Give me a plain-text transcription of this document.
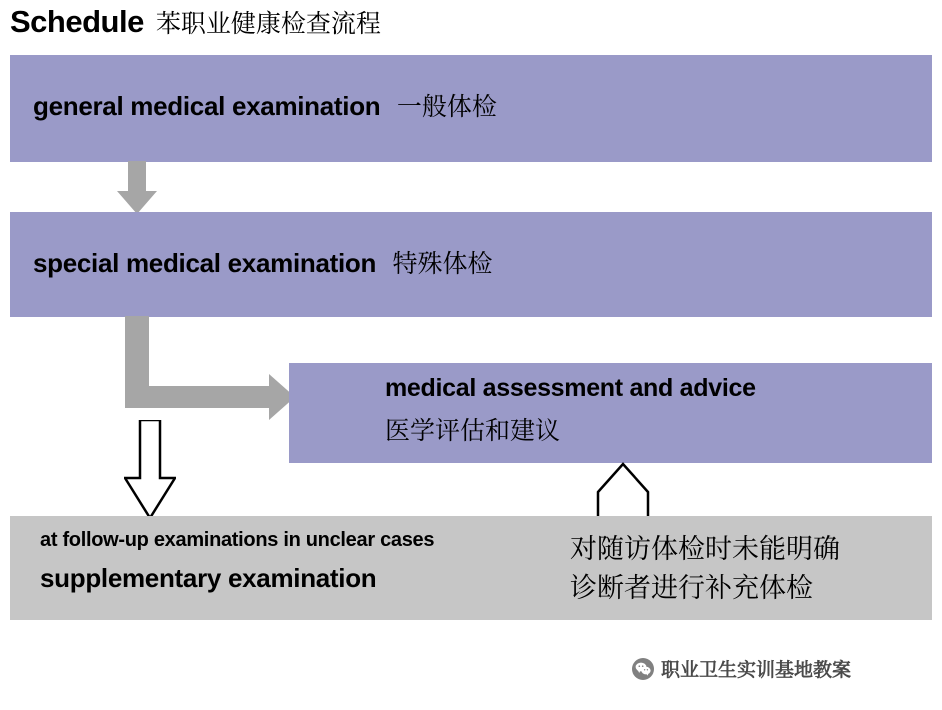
Schedule 苯职业健康检查流程
general medical examination 一般体检
special medical examination 特殊体检
medical assessment and advice
医学评估和建议
at follow-up examinations in unclear cases
supplementary examination
对随访体检时未能明确
诊断者进行补充体检
职业卫生实训基地教案
